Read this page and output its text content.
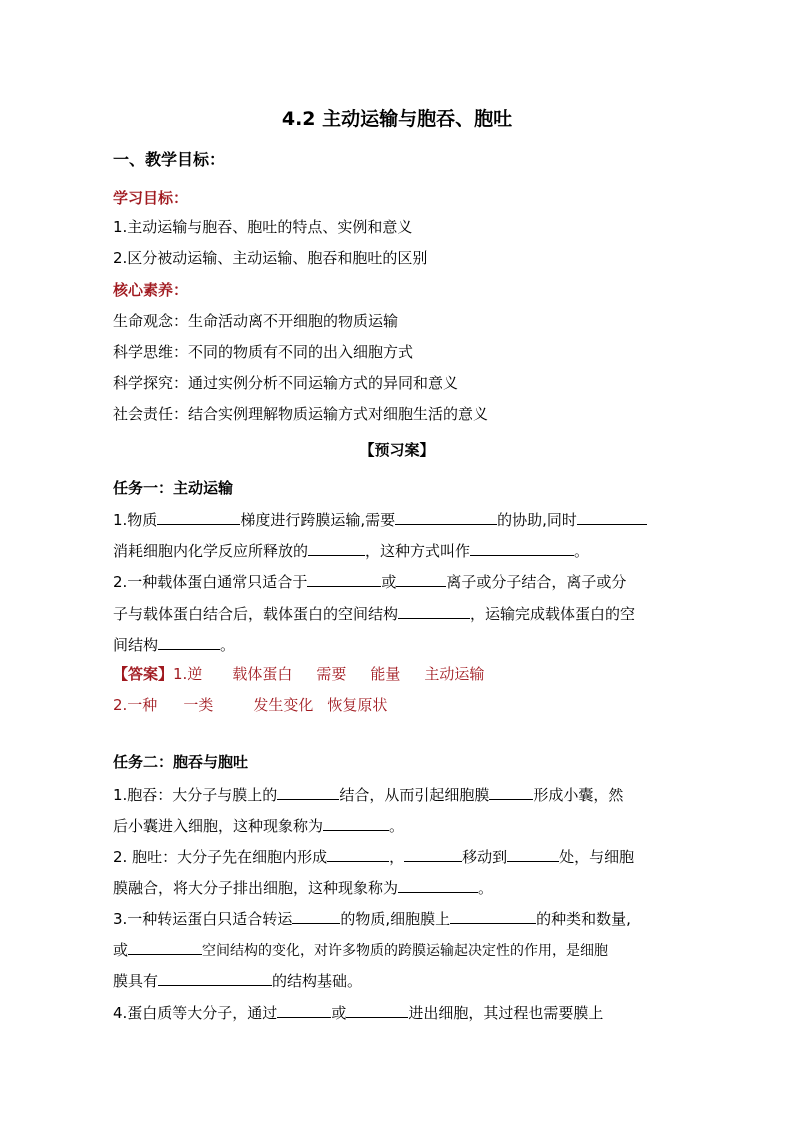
4.2 主动运输与胞吞、胞吐
一、教学目标：
学习目标：
1.主动运输与胞吞、胞吐的特点、实例和意义
2.区分被动运输、主动运输、胞吞和胞吐的区别
核心素养：
生命观念：生命活动离不开细胞的物质运输
科学思维：不同的物质有不同的出入细胞方式
科学探究：通过实例分析不同运输方式的异同和意义
社会责任：结合实例理解物质运输方式对细胞生活的意义
【预习案】
任务一：主动运输
1.物质	梯度进行跨膜运输,需要	的协助,同时
消耗细胞内化学反应所释放的	，这种方式叫作	。
2.一种载体蛋白通常只适合于	或	离子或分子结合，离子或分
子与载体蛋白结合后，载体蛋白的空间结构	，运输完成载体蛋白的空
间结构	。
【答案】1.逆 载体蛋白 需要 能量 主动运输
2.一种 一类	发生变化 恢复原状
任务二：胞吞与胞吐
1.胞吞：大分子与膜上的	结合，从而引起细胞膜	形成小囊，然
后小囊进入细胞，这种现象称为	。
2. 胞吐：大分子先在细胞内形成	，	移动到	处，与细胞
膜融合，将大分子排出细胞，这种现象称为	。
3.一种转运蛋白只适合转运	的物质,细胞膜上	的种类和数量,
或	空间结构的变化，对许多物质的跨膜运输起决定性的作用，是细胞
膜具有	的结构基础。
4.蛋白质等大分子，通过	或	进出细胞，其过程也需要膜上
